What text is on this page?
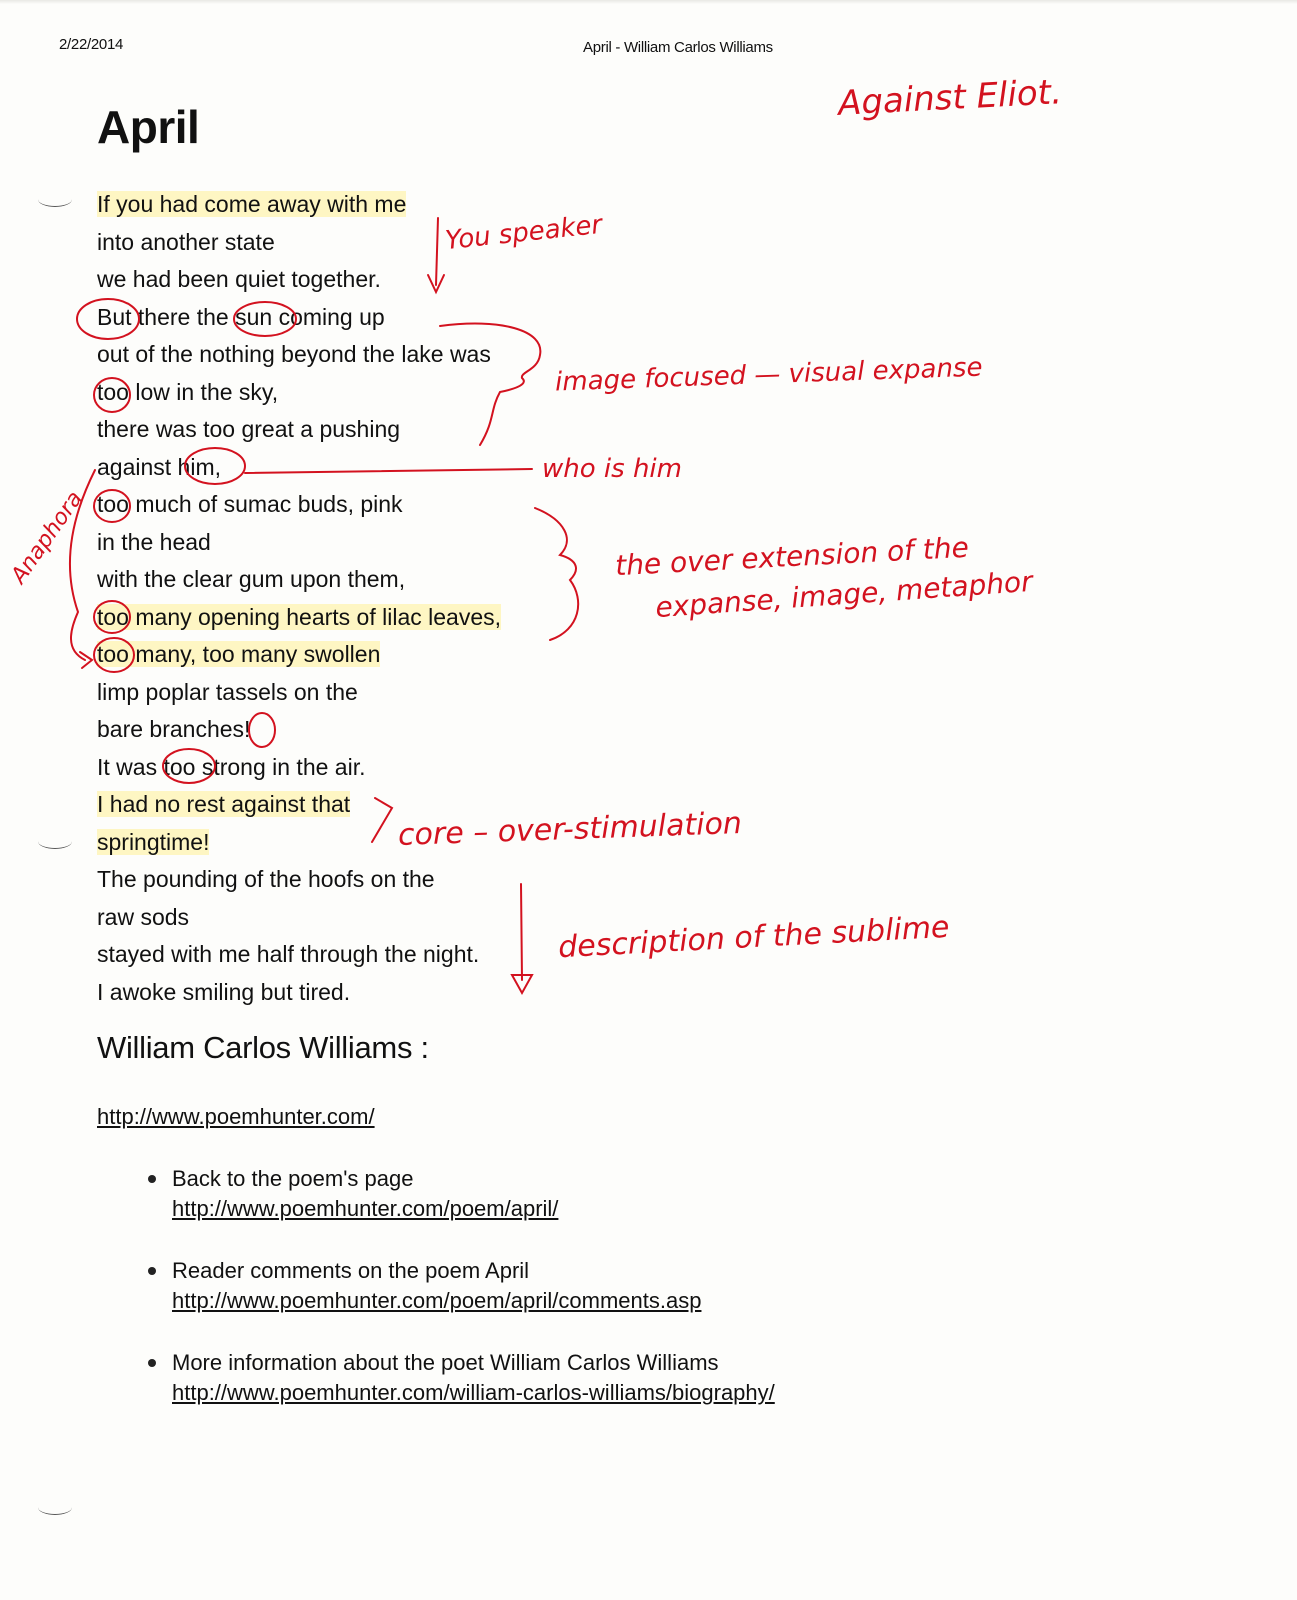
2/22/2014	April - William Carlos Williams
April
If you had come away with me
into another state
we had been quiet together.
But there the sun coming up
out of the nothing beyond the lake was
too low in the sky,
there was too great a pushing
against him,
too much of sumac buds, pink
in the head
with the clear gum upon them,
too many opening hearts of lilac leaves,
too many, too many swollen
limp poplar tassels on the
bare branches!
It was too strong in the air.
I had no rest against that
springtime!
The pounding of the hoofs on the
raw sods
stayed with me half through the night.
I awoke smiling but tired.
William Carlos Williams :
http://www.poemhunter.com/
Back to the poem's page
http://www.poemhunter.com/poem/april/
Reader comments on the poem April
http://www.poemhunter.com/poem/april/comments.asp
More information about the poet William Carlos Williams
http://www.poemhunter.com/william-carlos-williams/biography/
Against Eliot.
You speaker
image focused — visual expanse
who is him
Anaphora	the over extension of the
expanse, image, metaphor
core – over-stimulation
description of the sublime
